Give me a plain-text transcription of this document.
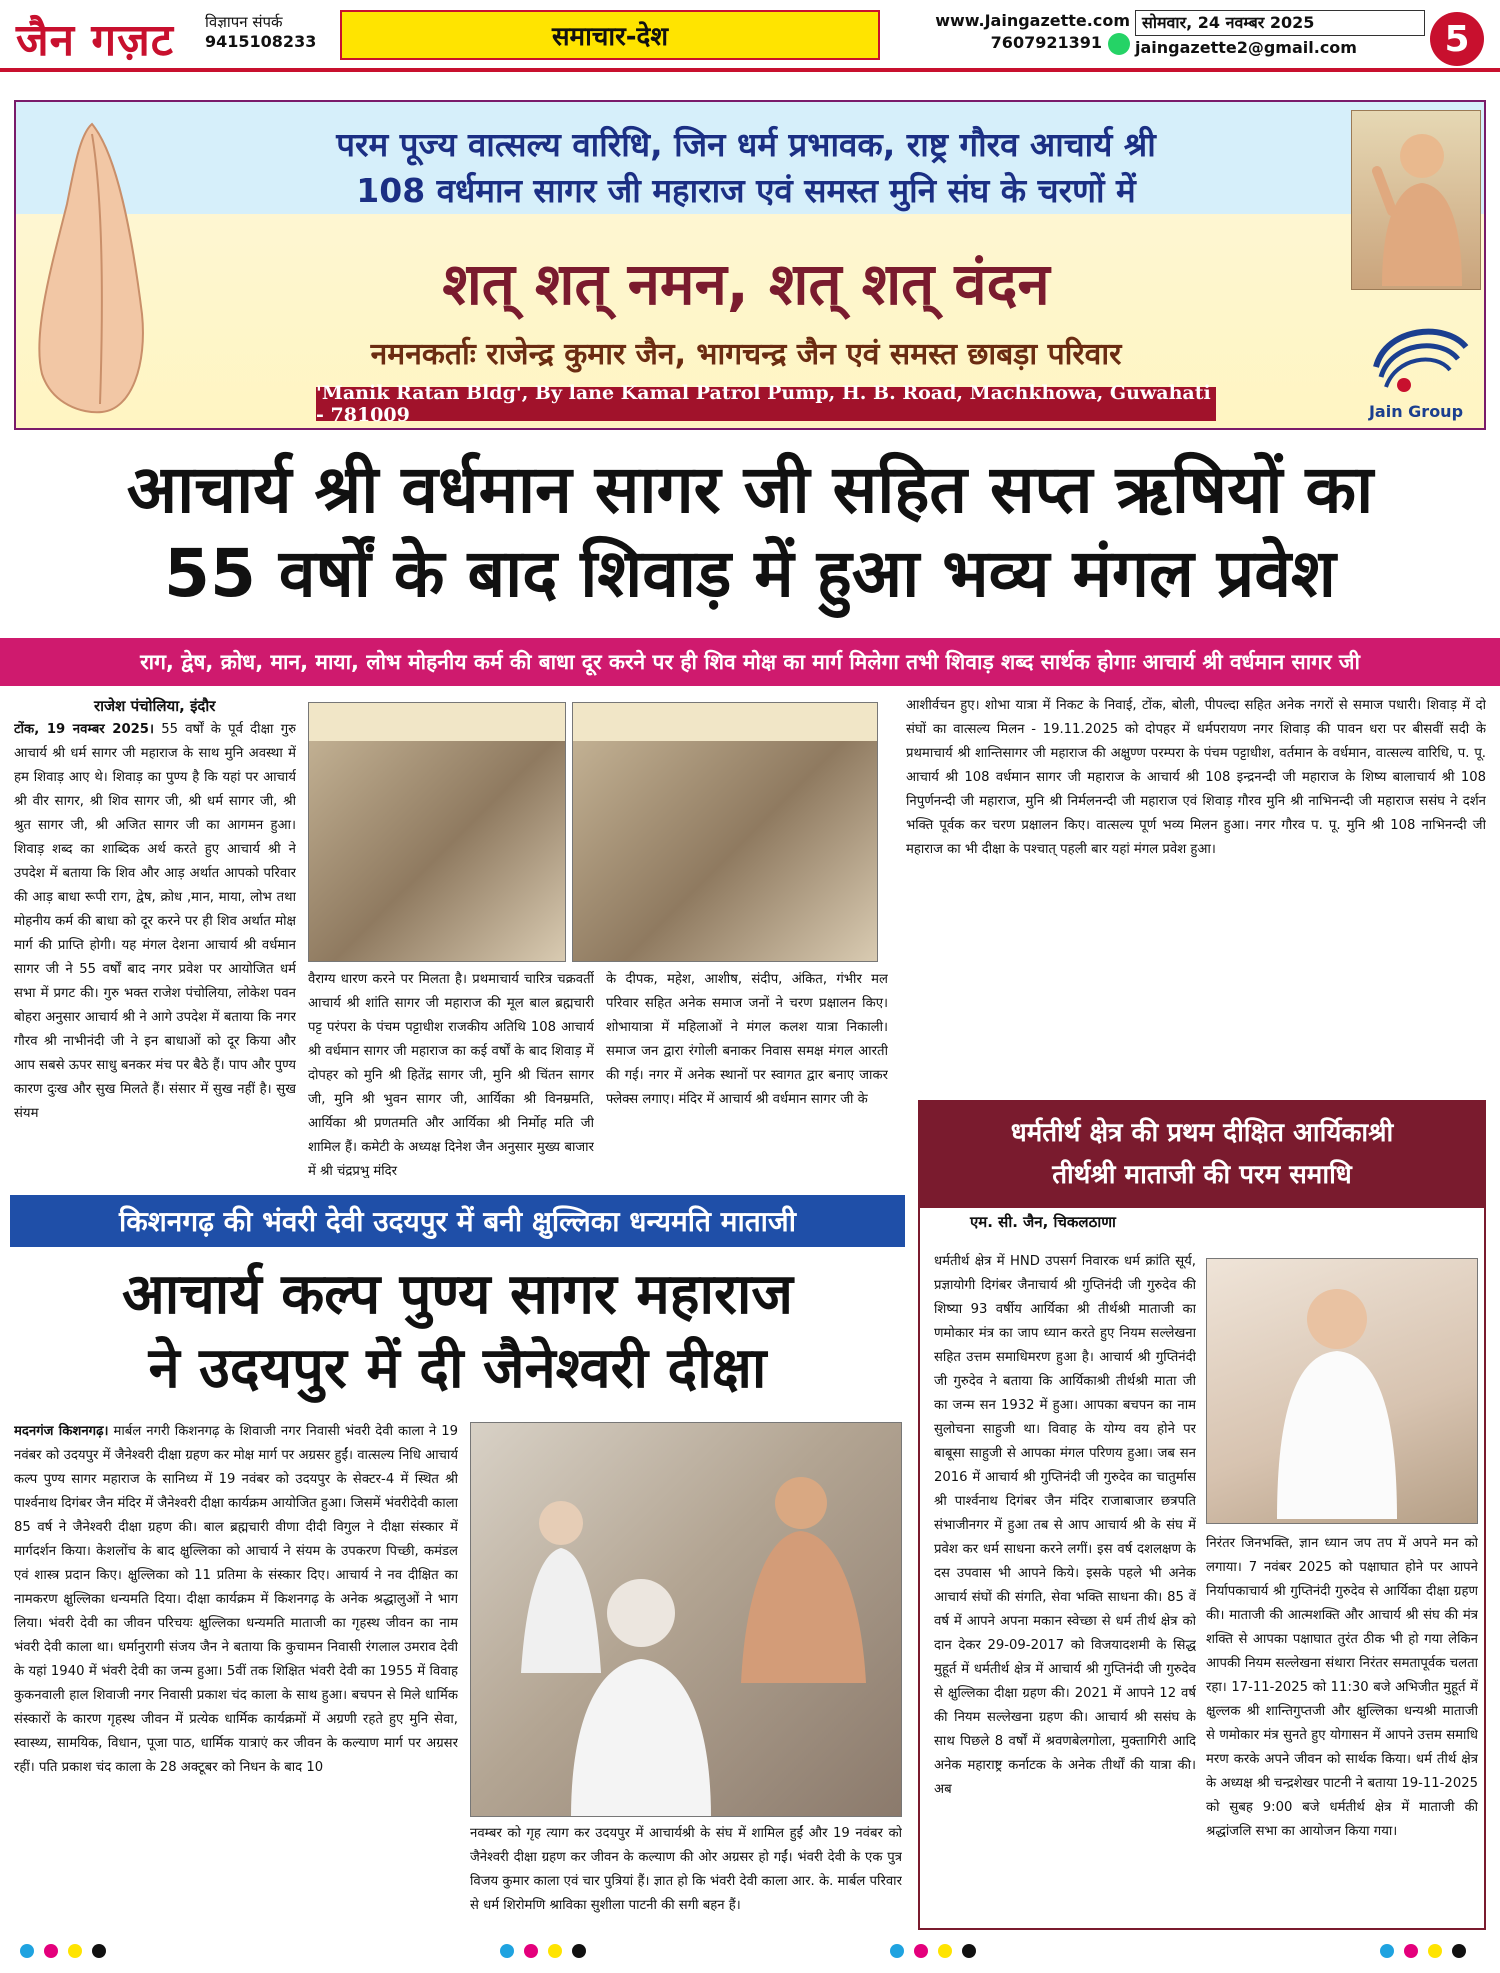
जैन गज़ट विज्ञापन संपर्क
9415108233	समाचार-देश
www.Jaingazette.com
7607921391
सोमवार, 24 नवम्बर 2025
jaingazette2@gmail.com	5
परम पूज्य वात्सल्य वारिधि, जिन धर्म प्रभावक, राष्ट्र गौरव आचार्य श्री
108 वर्धमान सागर जी महाराज एवं समस्त मुनि संघ के चरणों में
शत् शत् नमन, शत् शत् वंदन
नमनकर्ताः राजेन्द्र कुमार जैन, भागचन्द्र जैन एवं समस्त छाबड़ा परिवार
'Manik Ratan Bldg', By lane Kamal Patrol Pump, H. B. Road, Machkhowa, Guwahati - 781009	Jain Group
आचार्य श्री वर्धमान सागर जी सहित सप्त ऋषियों का
55 वर्षों के बाद शिवाड़ में हुआ भव्य मंगल प्रवेश
राग, द्वेष, क्रोध, मान, माया, लोभ मोहनीय कर्म की बाधा दूर करने पर ही शिव मोक्ष का मार्ग मिलेगा तभी शिवाड़ शब्द सार्थक होगाः आचार्य श्री वर्धमान सागर जी
राजेश पंचोलिया, इंदौर
टोंक, 19 नवम्बर 2025। 55 वर्षों के पूर्व दीक्षा गुरु आचार्य श्री धर्म सागर जी महाराज के साथ मुनि अवस्था में हम शिवाड़ आए थे। शिवाड़ का पुण्य है कि यहां पर आचार्य श्री वीर सागर, श्री शिव सागर जी, श्री धर्म सागर जी, श्री श्रुत सागर जी, श्री अजित सागर जी का आगमन हुआ। शिवाड़ शब्द का शाब्दिक अर्थ करते हुए आचार्य श्री ने उपदेश में बताया कि शिव और आड़ अर्थात आपको परिवार की आड़ बाधा रूपी राग, द्वेष, क्रोध ,मान, माया, लोभ तथा मोहनीय कर्म की बाधा को दूर करने पर ही शिव अर्थात मोक्ष मार्ग की प्राप्ति होगी। यह मंगल देशना आचार्य श्री वर्धमान सागर जी ने 55 वर्षों बाद नगर प्रवेश पर आयोजित धर्म सभा में प्रगट की। गुरु भक्त राजेश पंचोलिया, लोकेश पवन बोहरा अनुसार आचार्य श्री ने आगे उपदेश में बताया कि नगर गौरव श्री नाभीनंदी जी ने इन बाधाओं को दूर किया और आप सबसे ऊपर साधु बनकर मंच पर बैठे हैं। पाप और पुण्य कारण दुःख और सुख मिलते हैं। संसार में सुख नहीं है। सुख संयम
वैराग्य धारण करने पर मिलता है। प्रथमाचार्य चारित्र चक्रवर्ती आचार्य श्री शांति सागर जी महाराज की मूल बाल ब्रह्मचारी पट्ट परंपरा के पंचम पट्टाधीश राजकीय अतिथि 108 आचार्य श्री वर्धमान सागर जी महाराज का कई वर्षों के बाद शिवाड़ में दोपहर को मुनि श्री हितेंद्र सागर जी, मुनि श्री चिंतन सागर जी, मुनि श्री भुवन सागर जी, आर्यिका श्री विनम्रमति, आर्यिका श्री प्रणतमति और आर्यिका श्री निर्मोह मति जी शामिल हैं। कमेटी के अध्यक्ष दिनेश जैन अनुसार मुख्य बाजार में श्री चंद्रप्रभु मंदिर
के दीपक, महेश, आशीष, संदीप, अंकित, गंभीर मल परिवार सहित अनेक समाज जनों ने चरण प्रक्षालन किए। शोभायात्रा में महिलाओं ने मंगल कलश यात्रा निकाली। समाज जन द्वारा रंगोली बनाकर निवास समक्ष मंगल आरती की गई। नगर में अनेक स्थानों पर स्वागत द्वार बनाए जाकर फ्लेक्स लगाए। मंदिर में आचार्य श्री वर्धमान सागर जी के
आशीर्वचन हुए। शोभा यात्रा में निकट के निवाई, टोंक, बोली, पीपल्दा सहित अनेक नगरों से समाज पधारी। शिवाड़ में दो संघों का वात्सल्य मिलन - 19.11.2025 को दोपहर में धर्मपरायण नगर शिवाड़ की पावन धरा पर बीसवीं सदी के प्रथमाचार्य श्री शान्तिसागर जी महाराज की अक्षुण्ण परम्परा के पंचम पट्टाधीश, वर्तमान के वर्धमान, वात्सल्य वारिधि, प. पू. आचार्य श्री 108 वर्धमान सागर जी महाराज के आचार्य श्री 108 इन्द्रनन्दी जी महाराज के शिष्य बालाचार्य श्री 108 निपुर्णनन्दी जी महाराज, मुनि श्री निर्मलनन्दी जी महाराज एवं शिवाड़ गौरव मुनि श्री नाभिनन्दी जी महाराज ससंघ ने दर्शन भक्ति पूर्वक कर चरण प्रक्षालन किए। वात्सल्य पूर्ण भव्य मिलन हुआ। नगर गौरव प. पू. मुनि श्री 108 नाभिनन्दी जी महाराज का भी दीक्षा के पश्चात् पहली बार यहां मंगल प्रवेश हुआ।
धर्मतीर्थ क्षेत्र की प्रथम दीक्षित आर्यिकाश्री
तीर्थश्री माताजी की परम समाधि
एम. सी. जैन, चिकलठाणा
धर्मतीर्थ क्षेत्र में HND उपसर्ग निवारक धर्म क्रांति सूर्य, प्रज्ञायोगी दिगंबर जैनाचार्य श्री गुप्तिनंदी जी गुरुदेव की शिष्या 93 वर्षीय आर्यिका श्री तीर्थश्री माताजी का णमोकार मंत्र का जाप ध्यान करते हुए नियम सल्लेखना सहित उत्तम समाधिमरण हुआ है। आचार्य श्री गुप्तिनंदी जी गुरुदेव ने बताया कि आर्यिकाश्री तीर्थश्री माता जी का जन्म सन 1932 में हुआ। आपका बचपन का नाम सुलोचना साहुजी था। विवाह के योग्य वय होने पर बाबूसा साहुजी से आपका मंगल परिणय हुआ। जब सन 2016 में आचार्य श्री गुप्तिनंदी जी गुरुदेव का चातुर्मास श्री पार्श्वनाथ दिगंबर जैन मंदिर राजाबाजार छत्रपति संभाजीनगर में हुआ तब से आप आचार्य श्री के संघ में प्रवेश कर धर्म साधना करने लगीं। इस वर्ष दशलक्षण के दस उपवास भी आपने किये। इसके पहले भी अनेक आचार्य संघों की संगति, सेवा भक्ति साधना की। 85 वें वर्ष में आपने अपना मकान स्वेच्छा से धर्म तीर्थ क्षेत्र को दान देकर 29-09-2017 को विजयादशमी के सिद्ध मुहूर्त में धर्मतीर्थ क्षेत्र में आचार्य श्री गुप्तिनंदी जी गुरुदेव से क्षुल्लिका दीक्षा ग्रहण की। 2021 में आपने 12 वर्ष की नियम सल्लेखना ग्रहण की। आचार्य श्री ससंघ के साथ पिछले 8 वर्षों में श्रवणबेलगोला, मुक्तागिरी आदि अनेक महाराष्ट्र कर्नाटक के अनेक तीर्थों की यात्रा की। अब
निरंतर जिनभक्ति, ज्ञान ध्यान जप तप में अपने मन को लगाया। 7 नवंबर 2025 को पक्षाघात होने पर आपने निर्यापकाचार्य श्री गुप्तिनंदी गुरुदेव से आर्यिका दीक्षा ग्रहण की। माताजी की आत्मशक्ति और आचार्य श्री संघ की मंत्र शक्ति से आपका पक्षाघात तुरंत ठीक भी हो गया लेकिन आपकी नियम सल्लेखना संथारा निरंतर समतापूर्वक चलता रहा। 17-11-2025 को 11:30 बजे अभिजीत मुहूर्त में क्षुल्लक श्री शान्तिगुप्तजी और क्षुल्लिका धन्यश्री माताजी से णमोकार मंत्र सुनते हुए योगासन में आपने उत्तम समाधि मरण करके अपने जीवन को सार्थक किया। धर्म तीर्थ क्षेत्र के अध्यक्ष श्री चन्द्रशेखर पाटनी ने बताया 19-11-2025 को सुबह 9:00 बजे धर्मतीर्थ क्षेत्र में माताजी की श्रद्धांजलि सभा का आयोजन किया गया।
किशनगढ़ की भंवरी देवी उदयपुर में बनी क्षुल्लिका धन्यमति माताजी
आचार्य कल्प पुण्य सागर महाराज
ने उदयपुर में दी जैनेश्वरी दीक्षा
मदनगंज किशनगढ़। मार्बल नगरी किशनगढ़ के शिवाजी नगर निवासी भंवरी देवी काला ने 19 नवंबर को उदयपुर में जैनेश्वरी दीक्षा ग्रहण कर मोक्ष मार्ग पर अग्रसर हुईं। वात्सल्य निधि आचार्य कल्प पुण्य सागर महाराज के सानिध्य में 19 नवंबर को उदयपुर के सेक्टर-4 में स्थित श्री पार्श्वनाथ दिगंबर जैन मंदिर में जैनेश्वरी दीक्षा कार्यक्रम आयोजित हुआ। जिसमें भंवरीदेवी काला 85 वर्ष ने जैनेश्वरी दीक्षा ग्रहण की। बाल ब्रह्मचारी वीणा दीदी विगुल ने दीक्षा संस्कार में मार्गदर्शन किया। केशलोंच के बाद क्षुल्लिका को आचार्य ने संयम के उपकरण पिच्छी, कमंडल एवं शास्त्र प्रदान किए। क्षुल्लिका को 11 प्रतिमा के संस्कार दिए। आचार्य ने नव दीक्षित का नामकरण क्षुल्लिका धन्यमति दिया। दीक्षा कार्यक्रम में किशनगढ़ के अनेक श्रद्धालुओं ने भाग लिया। भंवरी देवी का जीवन परिचयः क्षुल्लिका धन्यमति माताजी का गृहस्थ जीवन का नाम भंवरी देवी काला था। धर्मानुरागी संजय जैन ने बताया कि कुचामन निवासी रंगलाल उमराव देवी के यहां 1940 में भंवरी देवी का जन्म हुआ। 5वीं तक शिक्षित भंवरी देवी का 1955 में विवाह कुकनवाली हाल शिवाजी नगर निवासी प्रकाश चंद काला के साथ हुआ। बचपन से मिले धार्मिक संस्कारों के कारण गृहस्थ जीवन में प्रत्येक धार्मिक कार्यक्रमों में अग्रणी रहते हुए मुनि सेवा, स्वास्थ्य, सामयिक, विधान, पूजा पाठ, धार्मिक यात्राएं कर जीवन के कल्याण मार्ग पर अग्रसर रहीं। पति प्रकाश चंद काला के 28 अक्टूबर को निधन के बाद 10
नवम्बर को गृह त्याग कर उदयपुर में आचार्यश्री के संघ में शामिल हुईं और 19 नवंबर को जैनेश्वरी दीक्षा ग्रहण कर जीवन के कल्याण की ओर अग्रसर हो गईं। भंवरी देवी के एक पुत्र विजय कुमार काला एवं चार पुत्रियां हैं। ज्ञात हो कि भंवरी देवी काला आर. के. मार्बल परिवार से धर्म शिरोमणि श्राविका सुशीला पाटनी की सगी बहन हैं।
